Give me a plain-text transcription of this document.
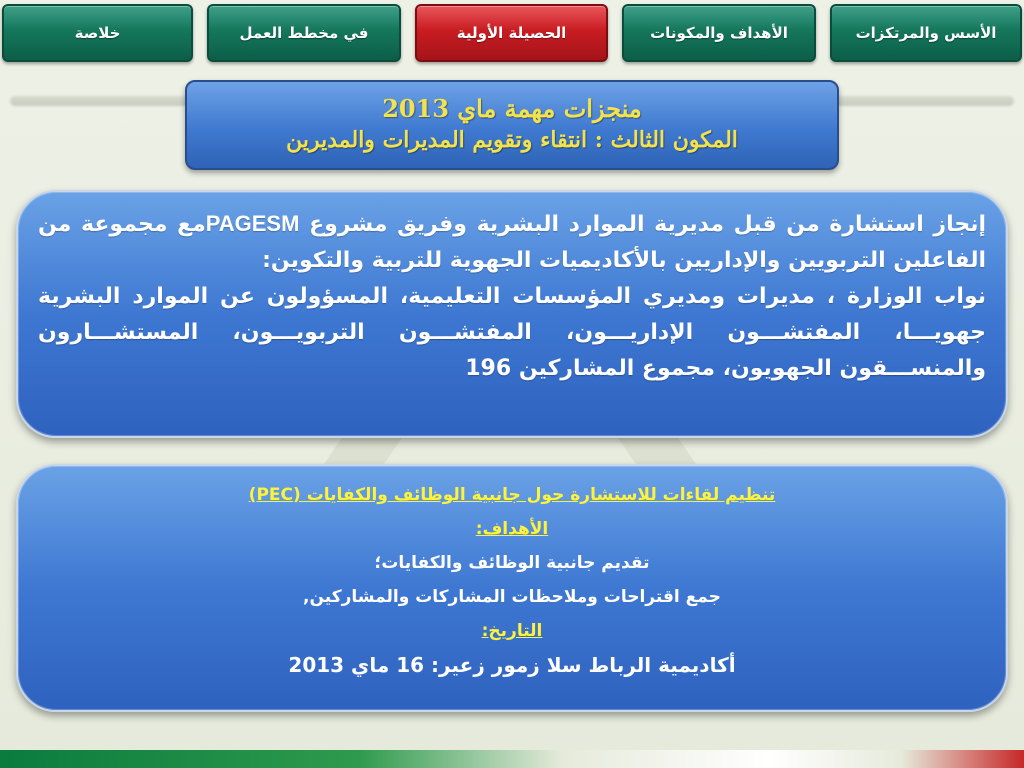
خلاصة	في مخطط العمل	الحصيلة الأولية	الأهداف والمكونات	الأسس والمرتكزات
منجزات مهمة ماي 2013
المكون الثالث : انتقاء وتقويم المديرات والمديرين
إنجاز استشارة من قبل مديرية الموارد البشرية وفريق مشروع PAGESMمع مجموعة من الفاعلين التربويين والإداريين بالأكاديميات الجهوية للتربية والتكوين:
نواب الوزارة ، مديرات ومديري المؤسسات التعليمية، المسؤولون عن الموارد البشرية جهويـــا، المفتشـــون الإداريـــون، المفتشـــون التربويـــون، المستشـــارون والمنســـقون الجهويون، مجموع المشاركين 196
تنظيم لقاءات للاستشارة حول جانبية الوظائف والكفايات (PEC)
الأهداف:
تقديم جانبية الوظائف والكفايات؛
جمع اقتراحات وملاحظات المشاركات والمشاركين,
التاريخ:
أكاديمية الرباط سلا زمور زعير: 16 ماي 2013
